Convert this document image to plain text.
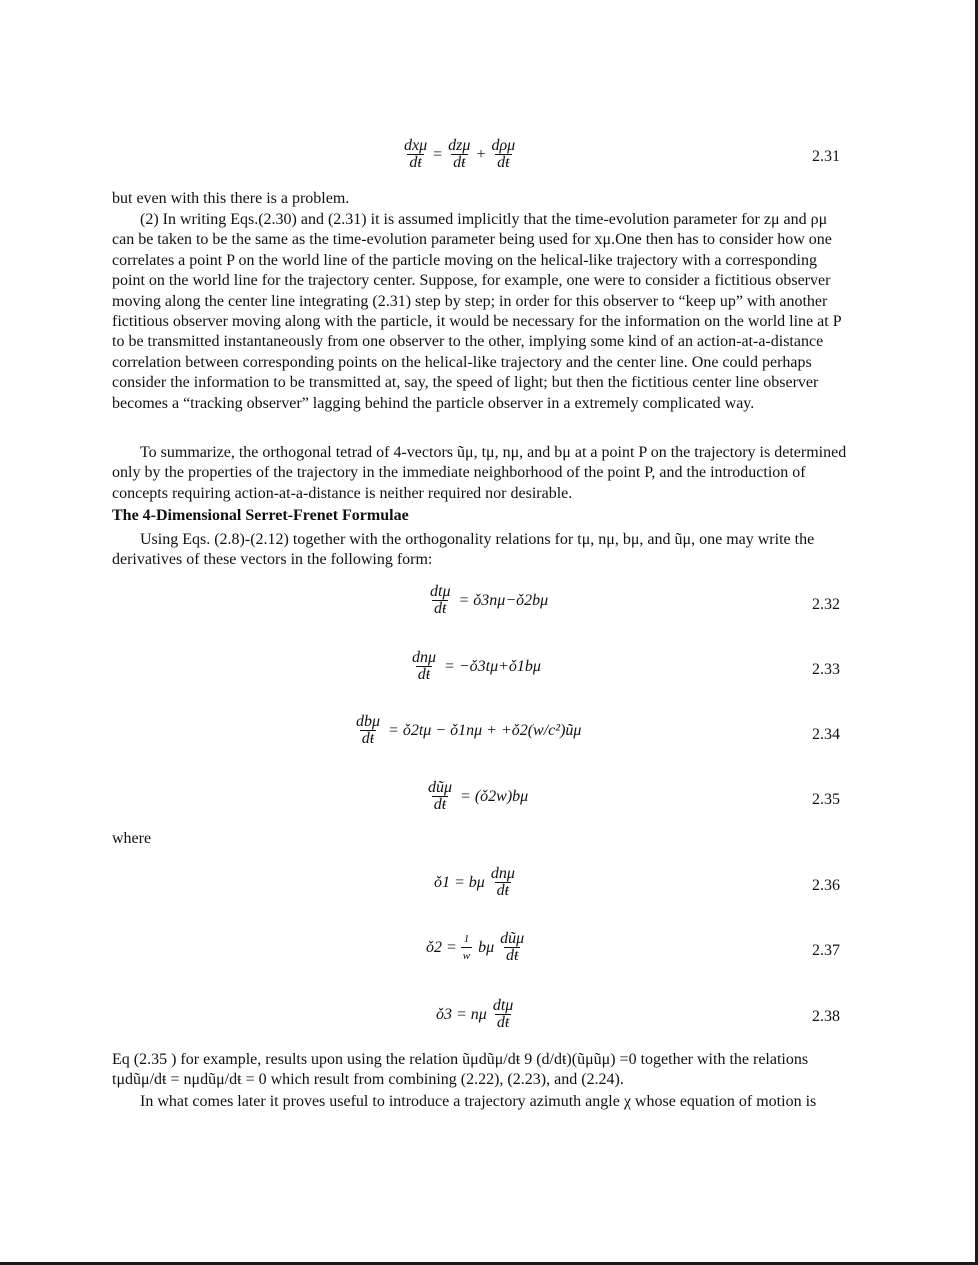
$\frac{\text{dxμ}}{dŧ} = \frac{\text{dzμ}}{dŧ} + \frac{\text{dρμ}}{dŧ}$	2.31

but even with this there is a problem.

(2) In writing Eqs.(2.30) and (2.31) it is assumed implicitly that the time-evolution parameter for zμ and ρμ can be taken to be the same as the time-evolution parameter being used for xμ.One then has to consider how one correlates a point P on the world line of the particle moving on the helical-like trajectory with a corresponding point on the world line for the trajectory center. Suppose, for example, one were to consider a fictitious observer moving along the center line integrating (2.31) step by step; in order for this observer to “keep up” with another fictitious observer moving along with the particle, it would be necessary for the information on the world line at P to be transmitted instantaneously from one observer to the other, implying some kind of an action-at-a-distance correlation between corresponding points on the helical-like trajectory and the center line. One could perhaps consider the information to be transmitted at, say, the speed of light; but then the fictitious center line observer becomes a “tracking observer” lagging behind the particle observer in a extremely complicated way.

To summarize, the orthogonal tetrad of 4-vectors ũμ, tμ, nμ, and bμ at a point P on the trajectory is determined only by the properties of the trajectory in the immediate neighborhood of the point P, and the introduction of concepts requiring action-at-a-distance is neither required nor desirable.

The 4-Dimensional Serret-Frenet Formulae

Using Eqs. (2.8)-(2.12) together with the orthogonality relations for tμ, nμ, bμ, and ũμ, one may write the derivatives of these vectors in the following form:

$\frac{\text{dtμ}}{dŧ}$ = ǒ3nμ−ǒ2bμ	2.32
$\frac{\text{dnμ}}{dŧ}$ = −ǒ3tμ+ǒ1bμ	2.33
$\frac{\text{dbμ}}{dŧ}$ = ǒ2tμ − ǒ1nμ + +ǒ2(w/c²)ũμ	2.34
$\frac{\text{dũμ}}{dŧ}$ = (ǒ2w)bμ	2.35
where
ǒ1 = bμ $\frac{\text{dnμ}}{dŧ}$	2.36
ǒ2 = $\frac{1}{w}$ bμ $\frac{\text{dũμ}}{dŧ}$	2.37
ǒ3 = nμ $\frac{\text{dtμ}}{dŧ}$	2.38

Eq (2.35 ) for example, results upon using the relation ũμdũμ/dŧ 9 (d/dŧ)(ũμũμ) =0 together with the relations tμdũμ/dŧ = nμdũμ/dŧ = 0 which result from combining (2.22), (2.23), and (2.24).

In what comes later it proves useful to introduce a trajectory azimuth angle χ whose equation of motion is
